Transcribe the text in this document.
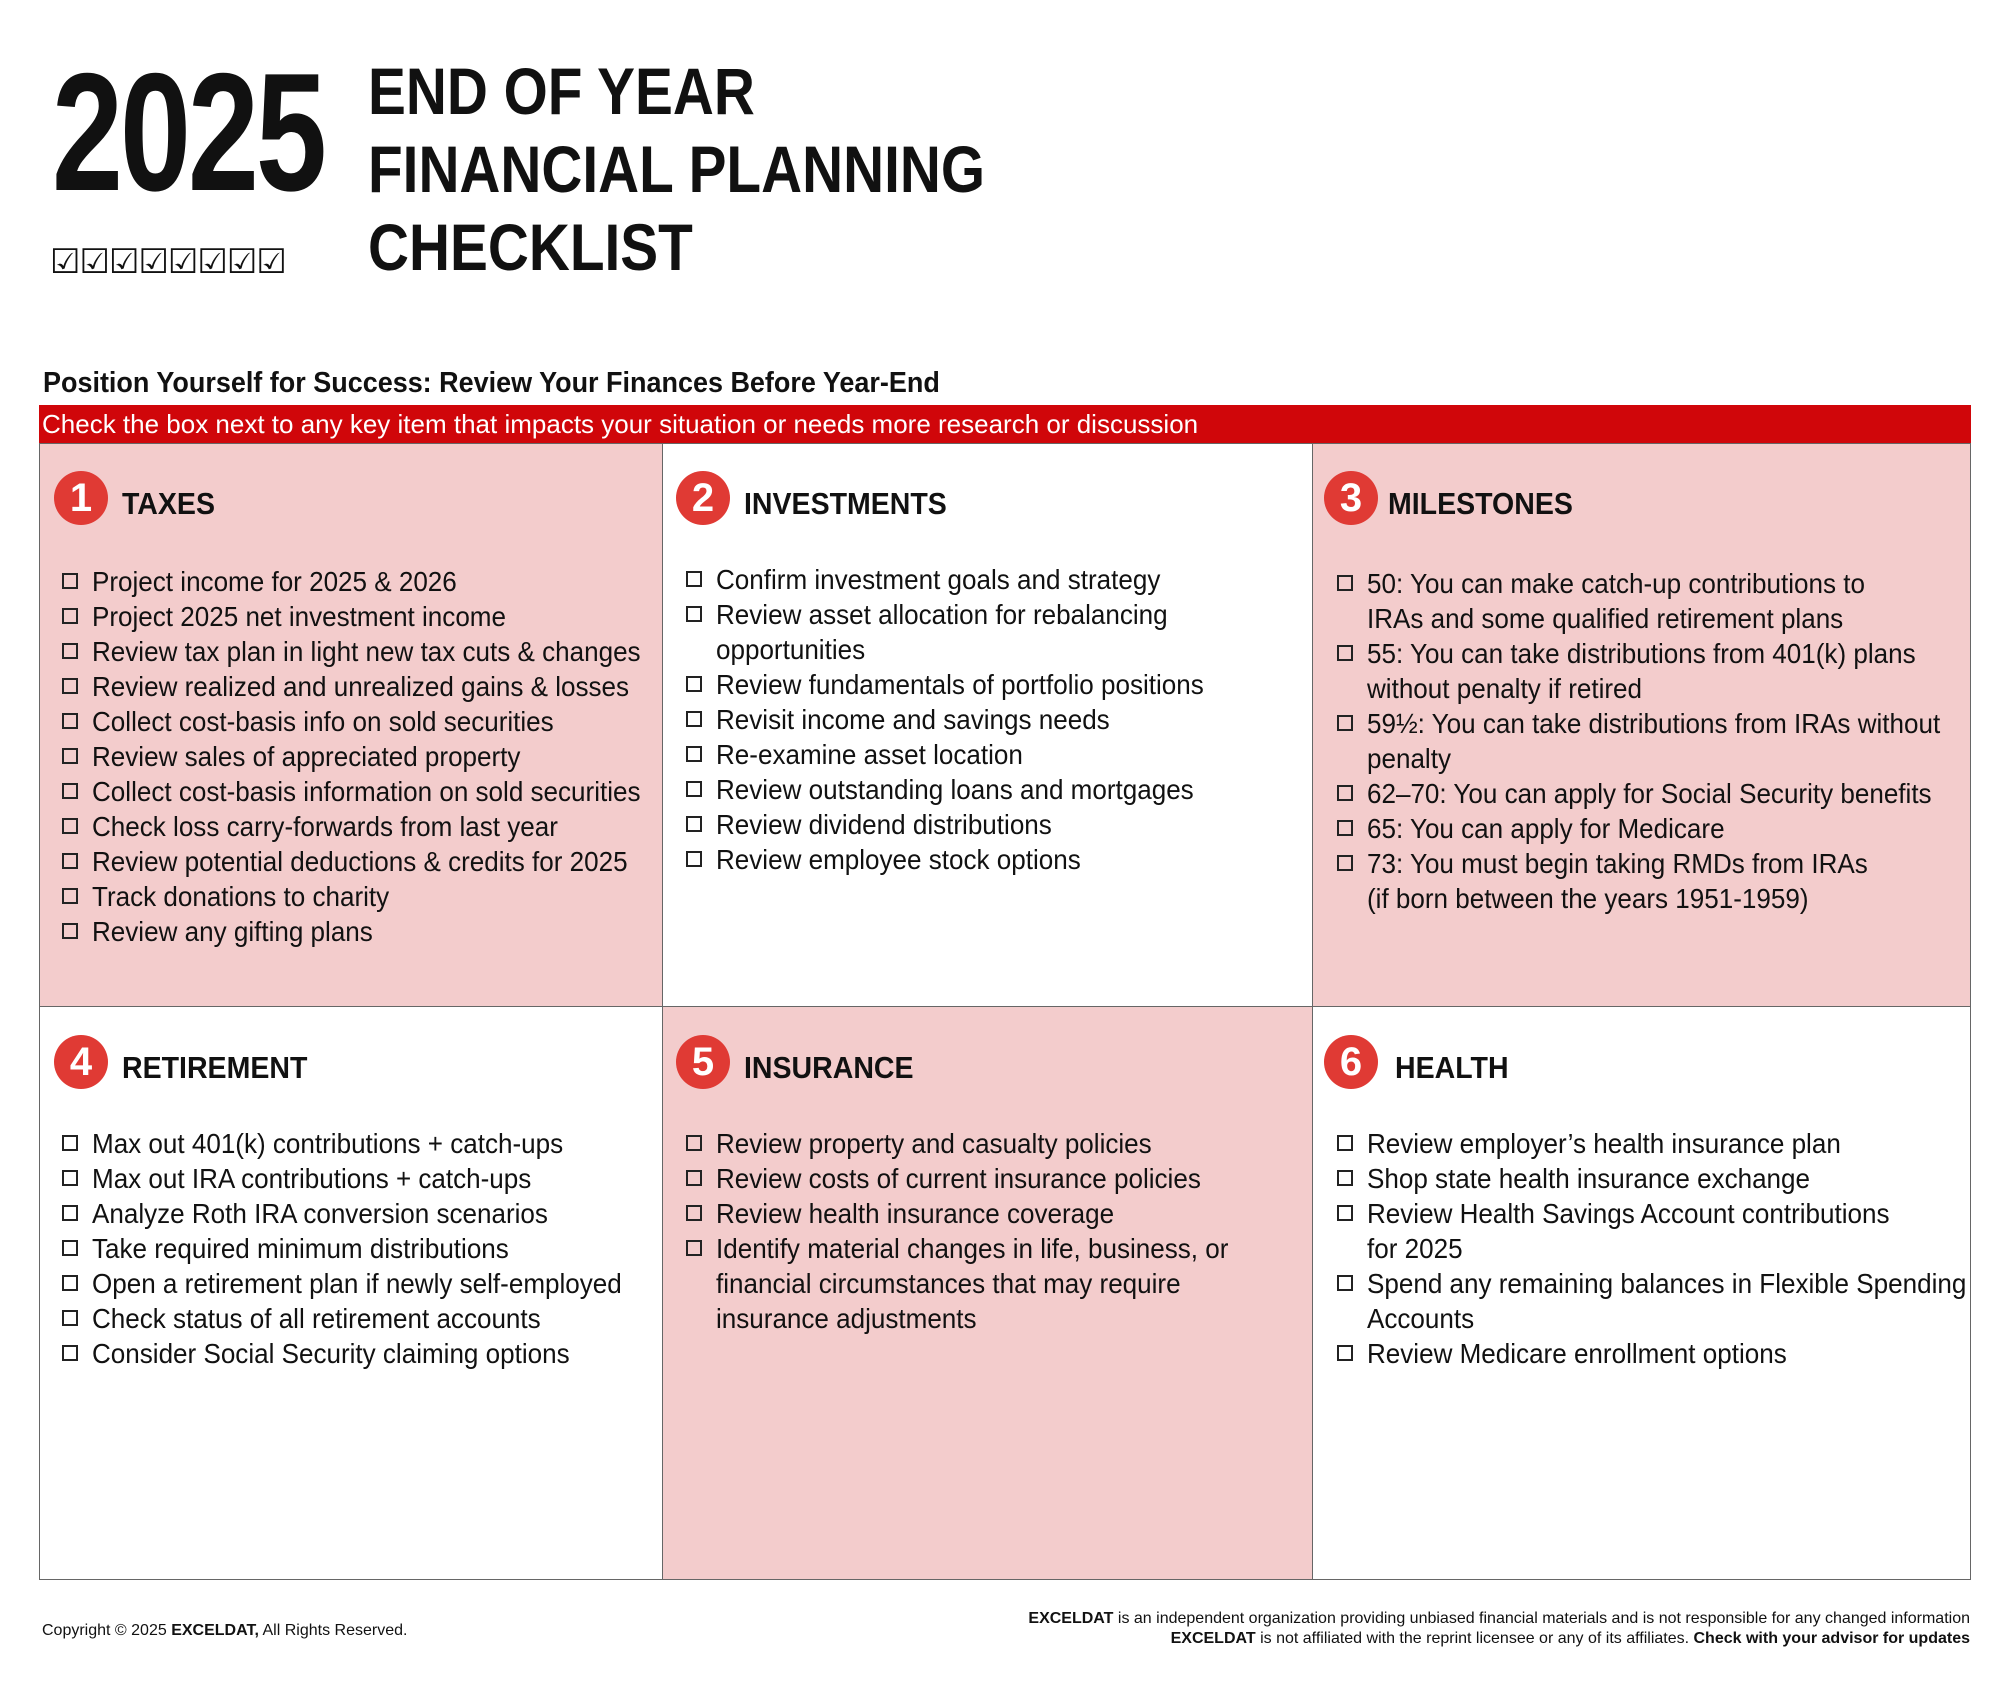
2025
☑☑☑☑☑☑☑☑
END OF YEAR
FINANCIAL PLANNING
CHECKLIST
Position Yourself for Success: Review Your Finances Before Year-End
Check the box next to any key item that impacts your situation or needs more research or discussion
1 TAXES
Project income for 2025 & 2026
Project 2025 net investment income
Review tax plan in light new tax cuts & changes
Review realized and unrealized gains & losses
Collect cost-basis info on sold securities
Review sales of appreciated property
Collect cost-basis information on sold securities
Check loss carry-forwards from last year
Review potential deductions & credits for 2025
Track donations to charity
Review any gifting plans
2 INVESTMENTS
Confirm investment goals and strategy
Review asset allocation for rebalancing
opportunities
Review fundamentals of portfolio positions
Revisit income and savings needs
Re-examine asset location
Review outstanding loans and mortgages
Review dividend distributions
Review employee stock options
3 MILESTONES
50: You can make catch-up contributions to
IRAs and some qualified retirement plans
55: You can take distributions from 401(k) plans
without penalty if retired
59½: You can take distributions from IRAs without
penalty
62–70: You can apply for Social Security benefits
65: You can apply for Medicare
73: You must begin taking RMDs from IRAs
(if born between the years 1951-1959)
4 RETIREMENT
Max out 401(k) contributions + catch-ups
Max out IRA contributions + catch-ups
Analyze Roth IRA conversion scenarios
Take required minimum distributions
Open a retirement plan if newly self-employed
Check status of all retirement accounts
Consider Social Security claiming options
5 INSURANCE
Review property and casualty policies
Review costs of current insurance policies
Review health insurance coverage
Identify material changes in life, business, or
financial circumstances that may require
insurance adjustments
6	HEALTH
Review employer’s health insurance plan
Shop state health insurance exchange
Review Health Savings Account contributions
for 2025
Spend any remaining balances in Flexible Spending
Accounts
Review Medicare enrollment options
Copyright © 2025 EXCELDAT, All Rights Reserved.
EXCELDAT is an independent organization providing unbiased financial materials and is not responsible for any changed information
EXCELDAT is not affiliated with the reprint licensee or any of its affiliates. Check with your advisor for updates
